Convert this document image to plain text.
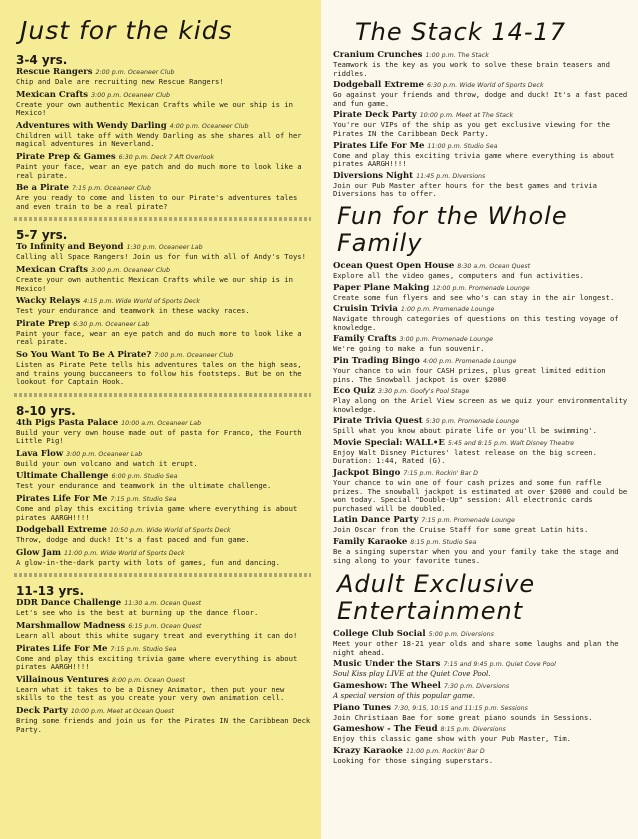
Just for the kids
3-4 yrs.
Rescue Rangers 2:00 p.m. Oceaneer Club
Chip and Dale are recruiting new Rescue Rangers!
Mexican Crafts 3:00 p.m. Oceaneer Club
Create your own authentic Mexican Crafts while we our ship is in Mexico!
Adventures with Wendy Darling 4:00 p.m. Oceaneer Club
Children will take off with Wendy Darling as she shares all of her magical adventures in Neverland.
Pirate Prep & Games 6:30 p.m. Deck 7 Aft Overlook
Paint your face, wear an eye patch and do much more to look like a real pirate.
Be a Pirate 7:15 p.m. Oceaneer Club
Are you ready to come and listen to our Pirate's adventures tales and even train to be a real pirate?
5-7 yrs.
To Infinity and Beyond 1:30 p.m. Oceaneer Lab
Calling all Space Rangers! Join us for fun with all of Andy's Toys!
Mexican Crafts 3:00 p.m. Oceaneer Club
Create your own authentic Mexican Crafts while we our ship is in Mexico!
Wacky Relays 4:15 p.m. Wide World of Sports Deck
Test your endurance and teamwork in these wacky races.
Pirate Prep 6:30 p.m. Oceaneer Lab
Paint your face, wear an eye patch and do much more to look like a real pirate.
So You Want To Be A Pirate? 7:00 p.m. Oceaneer Club
Listen as Pirate Pete tells his adventures tales on the high seas, and trains young buccaneers to follow his footsteps. But be on the lookout for Captain Hook.
8-10 yrs.
4th Pigs Pasta Palace 10:00 a.m. Oceaneer Lab
Build your very own house made out of pasta for Franco, the Fourth Little Pig!
Lava Flow 3:00 p.m. Oceaneer Lab
Build your own volcano and watch it erupt.
Ultimate Challenge 6:00 p.m. Studio Sea
Test your endurance and teamwork in the ultimate challenge.
Pirates Life For Me 7:15 p.m. Studio Sea
Come and play this exciting trivia game where everything is about pirates AARGH!!!!
Dodgeball Extreme 10:50 p.m. Wide World of Sports Deck
Throw, dodge and duck! It's a fast paced and fun game.
Glow Jam 11:00 p.m. Wide World of Sports Deck
A glow-in-the-dark party with lots of games, fun and dancing.
11-13 yrs.
DDR Dance Challenge 11:30 a.m. Ocean Quest
Let's see who is the best at burning up the dance floor.
Marshmallow Madness 6:15 p.m. Ocean Quest
Learn all about this white sugary treat and everything it can do!
Pirates Life For Me 7:15 p.m. Studio Sea
Come and play this exciting trivia game where everything is about pirates AARGH!!!!
Villainous Ventures 8:00 p.m. Ocean Quest
Learn what it takes to be a Disney Animator, then put your new skills to the test as you create your very own animation cell.
Deck Party 10:00 p.m. Meet at Ocean Quest
Bring some friends and join us for the Pirates IN the Caribbean Deck Party.
The Stack 14-17
Cranium Crunches 1:00 p.m. The Stack
Teamwork is the key as you work to solve these brain teasers and riddles.
Dodgeball Extreme 6:30 p.m. Wide World of Sports Deck
Go against your friends and throw, dodge and duck! It's a fast paced and fun game.
Pirate Deck Party 10:00 p.m. Meet at The Stack
You're our VIPs of the ship as you get exclusive viewing for the Pirates IN the Caribbean Deck Party.
Pirates Life For Me 11:00 p.m. Studio Sea
Come and play this exciting trivia game where everything is about pirates AARGH!!!!
Diversions Night 11:45 p.m. Diversions
Join our Pub Master after hours for the best games and trivia Diversions has to offer.
Fun for the Whole Family
Ocean Quest Open House 8:30 a.m. Ocean Quest
Explore all the video games, computers and fun activities.
Paper Plane Making 12:00 p.m. Promenade Lounge
Create some fun flyers and see who's can stay in the air longest.
Cruisin Trivia 1:00 p.m. Promenade Lounge
Navigate through categories of questions on this testing voyage of knowledge.
Family Crafts 3:00 p.m. Promenade Lounge
We're going to make a fun souvenir.
Pin Trading Bingo 4:00 p.m. Promenade Lounge
Your chance to win four CASH prizes, plus great limited edition pins. The Snowball jackpot is over $2000
Eco Quiz 3:30 p.m. Goofy's Pool Stage
Play along on the Ariel View screen as we quiz your environmentality knowledge.
Pirate Trivia Quest 5:30 p.m. Promenade Lounge
Spill what you know about pirate life or you'll be swimming'.
Movie Special: WALL•E 5:45 and 8:15 p.m. Walt Disney Theatre
Enjoy Walt Disney Pictures' latest release on the big screen. Duration: 1:44, Rated (G).
Jackpot Bingo 7:15 p.m. Rockin' Bar D
Your chance to win one of four cash prizes and some fun raffle prizes. The snowball jackpot is estimated at over $2000 and could be won today. Special "Double-Up" session: All electronic cards purchased will be doubled.
Latin Dance Party 7:15 p.m. Promenade Lounge
Join Oscar from the Cruise Staff for some great Latin hits.
Family Karaoke 8:15 p.m. Studio Sea
Be a singing superstar when you and your family take the stage and sing along to your favorite tunes.
Adult Exclusive
Entertainment
College Club Social 5:00 p.m. Diversions
Meet your other 18-21 year olds and share some laughs and plan the night ahead.
Music Under the Stars 7:15 and 9:45 p.m. Quiet Cove Pool
Soul Kiss play LIVE at the Quiet Cove Pool.
Gameshow: The Wheel 7:30 p.m. Diversions
A special version of this popular game.
Piano Tunes 7:30, 9:15, 10:15 and 11:15 p.m. Sessions
Join Christiaan Bae for some great piano sounds in Sessions.
Gameshow - The Feud 8:15 p.m. Diversions
Enjoy this classic game show with your Pub Master, Tim.
Krazy Karaoke 11:00 p.m. Rockin' Bar D
Looking for those singing superstars.
